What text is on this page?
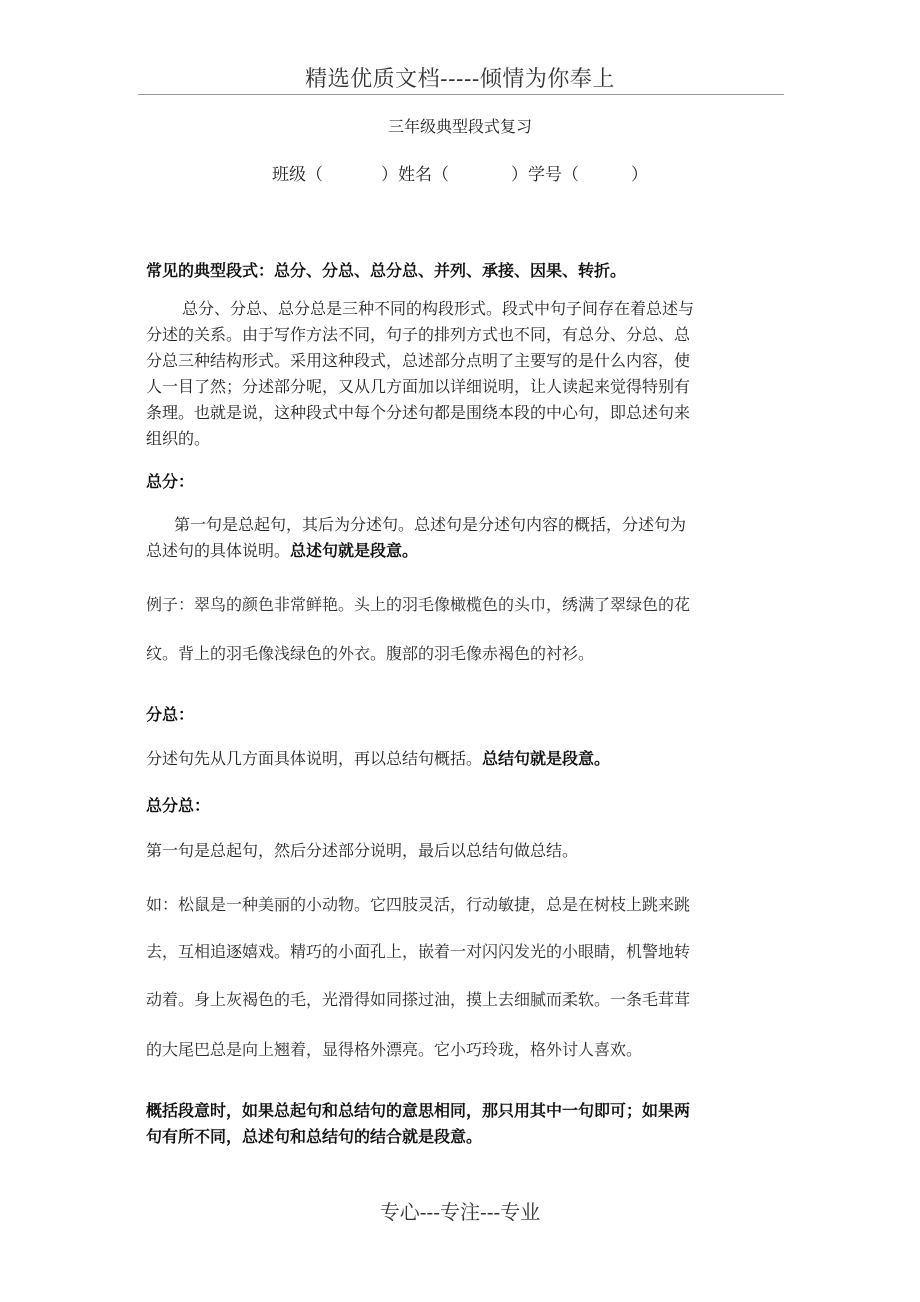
精选优质文档-----倾情为你奉上
三年级典型段式复习
班级（	）姓名（	）学号（	）
常见的典型段式：总分、分总、总分总、并列、承接、因果、转折。
总分、分总、总分总是三种不同的构段形式。段式中句子间存在着总述与
分述的关系。由于写作方法不同，句子的排列方式也不同，有总分、分总、总
分总三种结构形式。采用这种段式，总述部分点明了主要写的是什么内容，使
人一目了然；分述部分呢，又从几方面加以详细说明，让人读起来觉得特别有
条理。也就是说，这种段式中每个分述句都是围绕本段的中心句，即总述句来
组织的。
总分：
第一句是总起句，其后为分述句。总述句是分述句内容的概括，分述句为
总述句的具体说明。总述句就是段意。
例子：翠鸟的颜色非常鲜艳。头上的羽毛像橄榄色的头巾，绣满了翠绿色的花
纹。背上的羽毛像浅绿色的外衣。腹部的羽毛像赤褐色的衬衫。
分总：
分述句先从几方面具体说明，再以总结句概括。总结句就是段意。
总分总：
第一句是总起句，然后分述部分说明，最后以总结句做总结。
如：松鼠是一种美丽的小动物。它四肢灵活，行动敏捷，总是在树枝上跳来跳
去，互相追逐嬉戏。精巧的小面孔上，嵌着一对闪闪发光的小眼睛，机警地转
动着。身上灰褐色的毛，光滑得如同搽过油，摸上去细腻而柔软。一条毛茸茸
的大尾巴总是向上翘着，显得格外漂亮。它小巧玲珑，格外讨人喜欢。
概括段意时，如果总起句和总结句的意思相同，那只用其中一句即可；如果两
句有所不同，总述句和总结句的结合就是段意。
专心---专注---专业
